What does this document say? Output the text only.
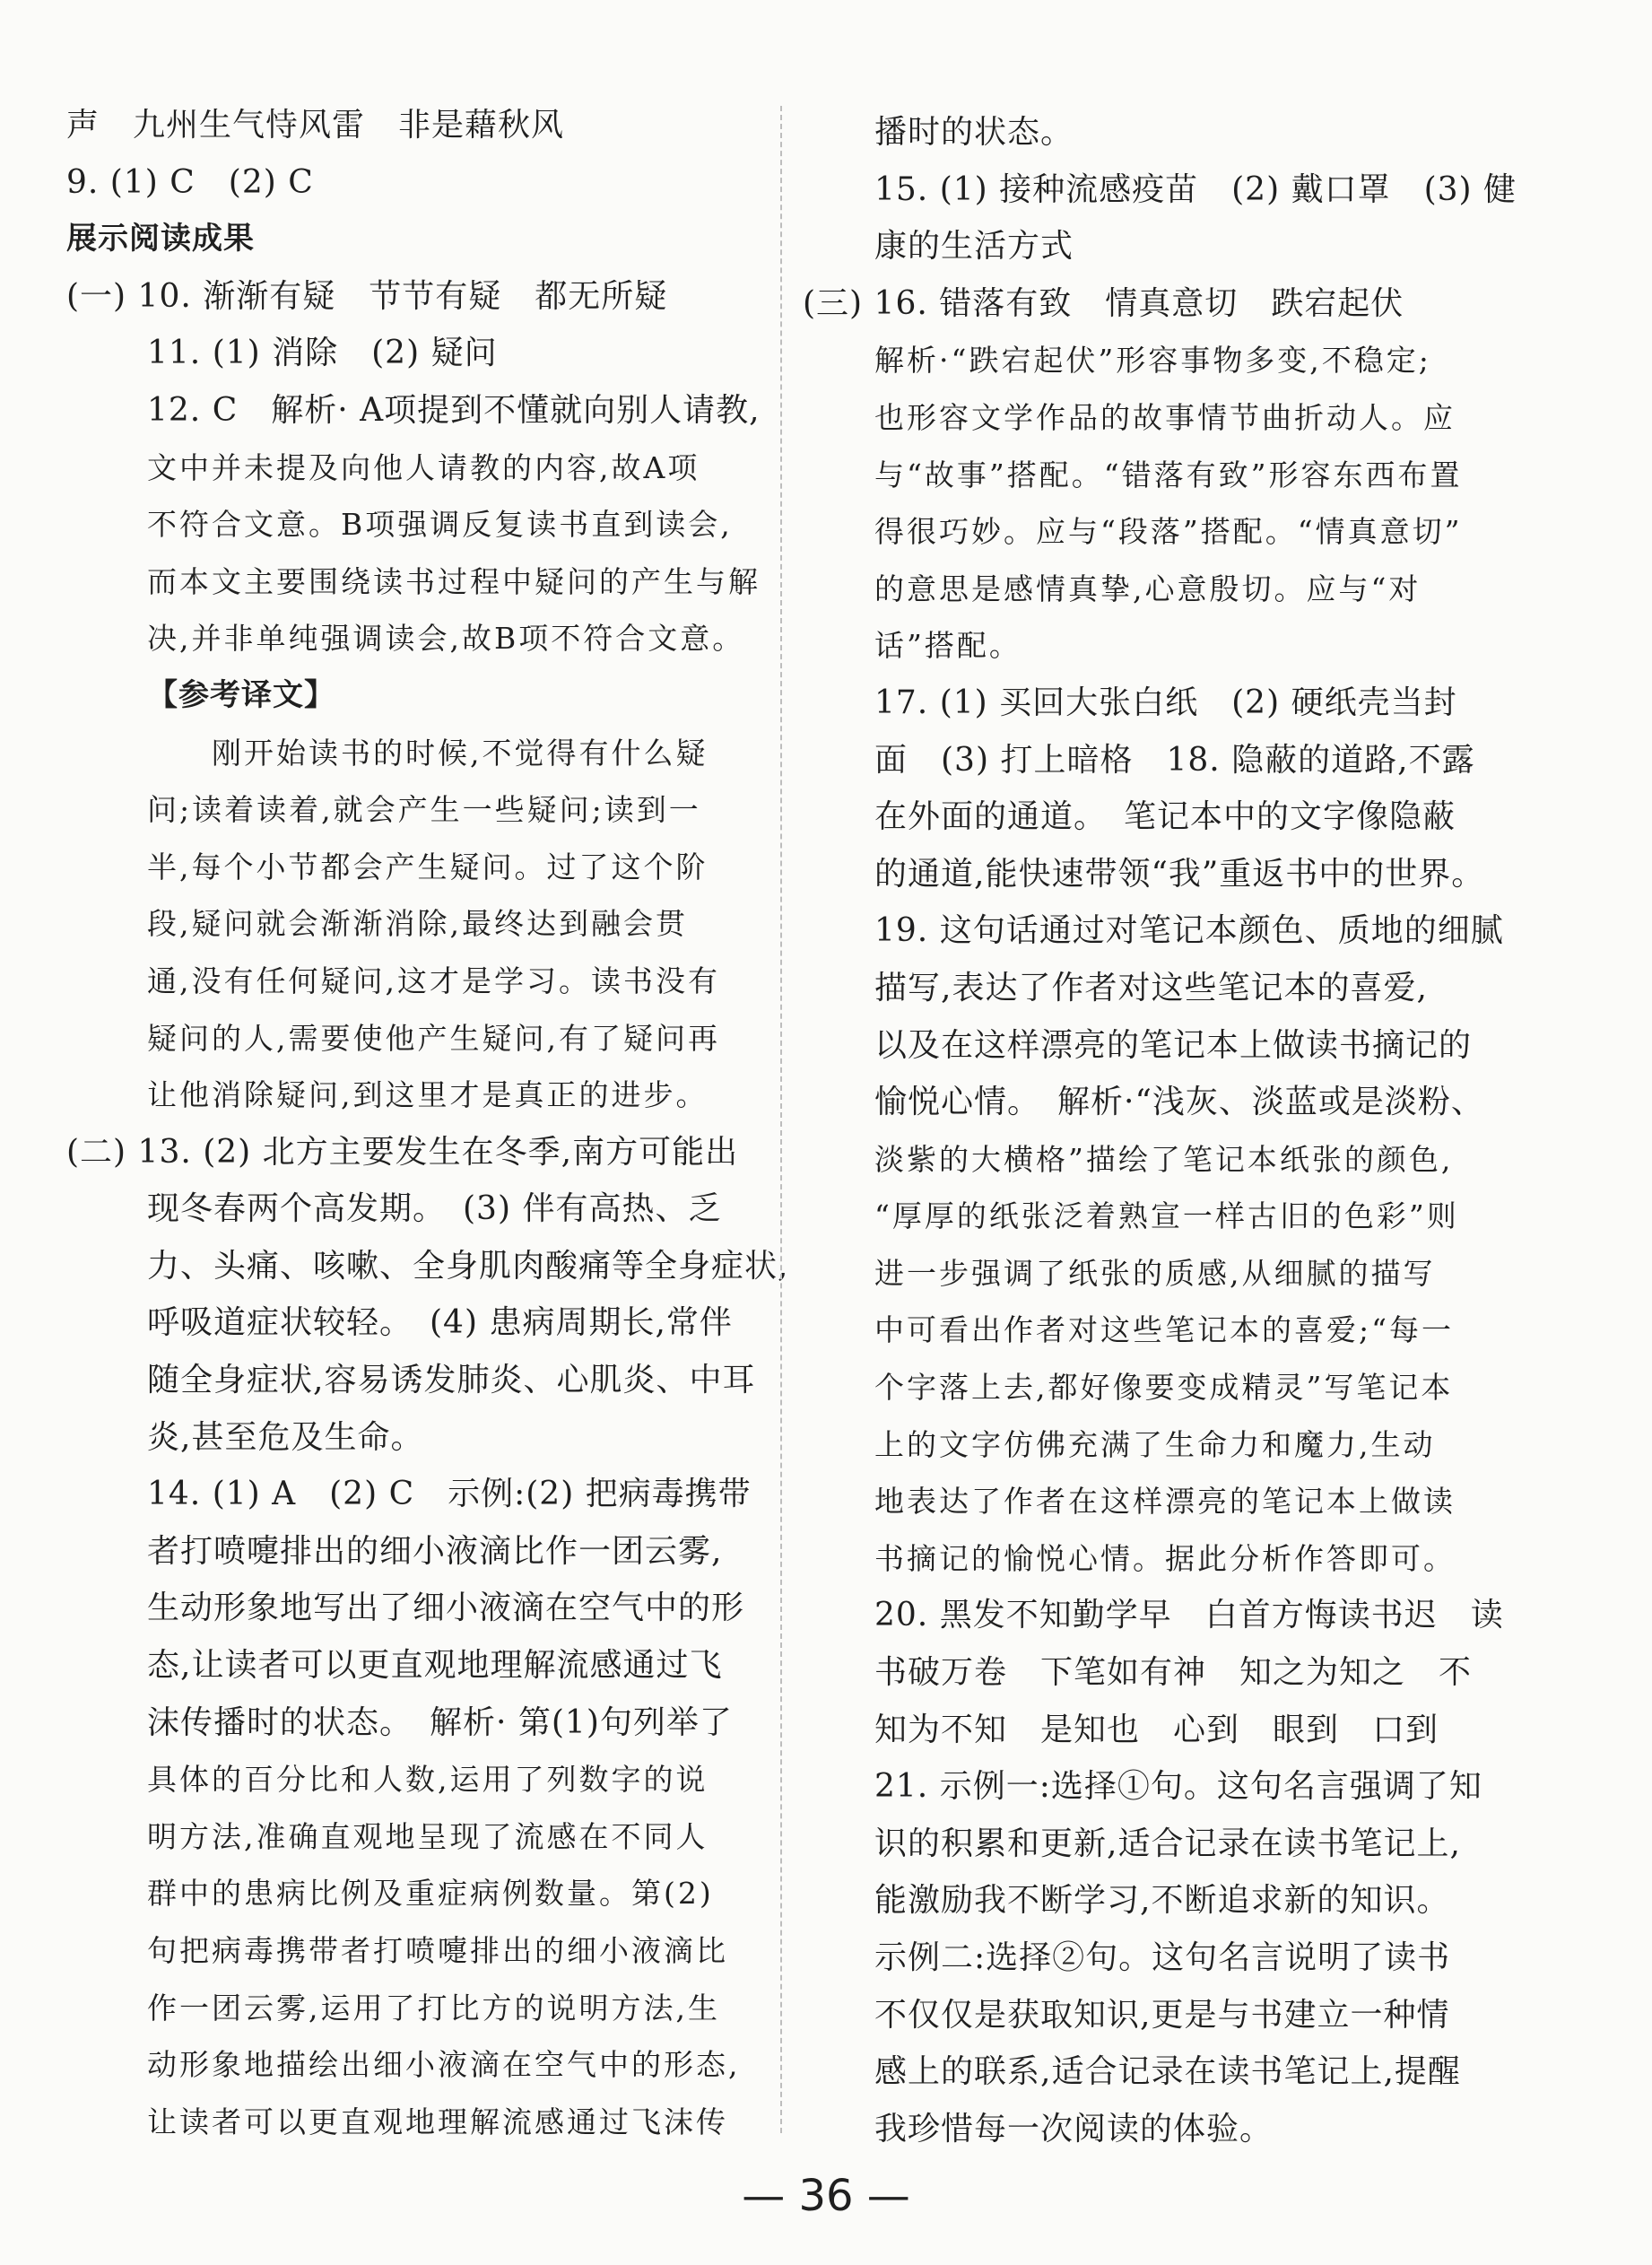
声　九州生气恃风雷　非是藉秋风
9. (1) C　(2) C
展示阅读成果
(一) 10. 渐渐有疑　节节有疑　都无所疑
11. (1) 消除　(2) 疑问
12. C　解析· A项提到不懂就向别人请教,
文中并未提及向他人请教的内容,故A项
不符合文意。B项强调反复读书直到读会,
而本文主要围绕读书过程中疑问的产生与解
决,并非单纯强调读会,故B项不符合文意。
【参考译文】
　　刚开始读书的时候,不觉得有什么疑
问;读着读着,就会产生一些疑问;读到一
半,每个小节都会产生疑问。过了这个阶
段,疑问就会渐渐消除,最终达到融会贯
通,没有任何疑问,这才是学习。读书没有
疑问的人,需要使他产生疑问,有了疑问再
让他消除疑问,到这里才是真正的进步。
(二) 13. (2) 北方主要发生在冬季,南方可能出
现冬春两个高发期。　(3) 伴有高热、乏
力、头痛、咳嗽、全身肌肉酸痛等全身症状,
呼吸道症状较轻。　(4) 患病周期长,常伴
随全身症状,容易诱发肺炎、心肌炎、中耳
炎,甚至危及生命。
14. (1) A　(2) C　示例:(2) 把病毒携带
者打喷嚏排出的细小液滴比作一团云雾,
生动形象地写出了细小液滴在空气中的形
态,让读者可以更直观地理解流感通过飞
沫传播时的状态。　解析· 第(1)句列举了
具体的百分比和人数,运用了列数字的说
明方法,准确直观地呈现了流感在不同人
群中的患病比例及重症病例数量。第(2)
句把病毒携带者打喷嚏排出的细小液滴比
作一团云雾,运用了打比方的说明方法,生
动形象地描绘出细小液滴在空气中的形态,
让读者可以更直观地理解流感通过飞沫传
播时的状态。
15. (1) 接种流感疫苗　(2) 戴口罩　(3) 健
康的生活方式
(三) 16. 错落有致　情真意切　跌宕起伏
解析·“跌宕起伏”形容事物多变,不稳定;
也形容文学作品的故事情节曲折动人。应
与“故事”搭配。“错落有致”形容东西布置
得很巧妙。应与“段落”搭配。“情真意切”
的意思是感情真挚,心意殷切。应与“对
话”搭配。
17. (1) 买回大张白纸　(2) 硬纸壳当封
面　(3) 打上暗格　18. 隐蔽的道路,不露
在外面的通道。　笔记本中的文字像隐蔽
的通道,能快速带领“我”重返书中的世界。
19. 这句话通过对笔记本颜色、质地的细腻
描写,表达了作者对这些笔记本的喜爱,
以及在这样漂亮的笔记本上做读书摘记的
愉悦心情。　解析·“浅灰、淡蓝或是淡粉、
淡紫的大横格”描绘了笔记本纸张的颜色,
“厚厚的纸张泛着熟宣一样古旧的色彩”则
进一步强调了纸张的质感,从细腻的描写
中可看出作者对这些笔记本的喜爱;“每一
个字落上去,都好像要变成精灵”写笔记本
上的文字仿佛充满了生命力和魔力,生动
地表达了作者在这样漂亮的笔记本上做读
书摘记的愉悦心情。据此分析作答即可。
20. 黑发不知勤学早　白首方悔读书迟　读
书破万卷　下笔如有神　知之为知之　不
知为不知　是知也　心到　眼到　口到
21. 示例一:选择①句。这句名言强调了知
识的积累和更新,适合记录在读书笔记上,
能激励我不断学习,不断追求新的知识。
示例二:选择②句。这句名言说明了读书
不仅仅是获取知识,更是与书建立一种情
感上的联系,适合记录在读书笔记上,提醒
我珍惜每一次阅读的体验。
— 36 —
